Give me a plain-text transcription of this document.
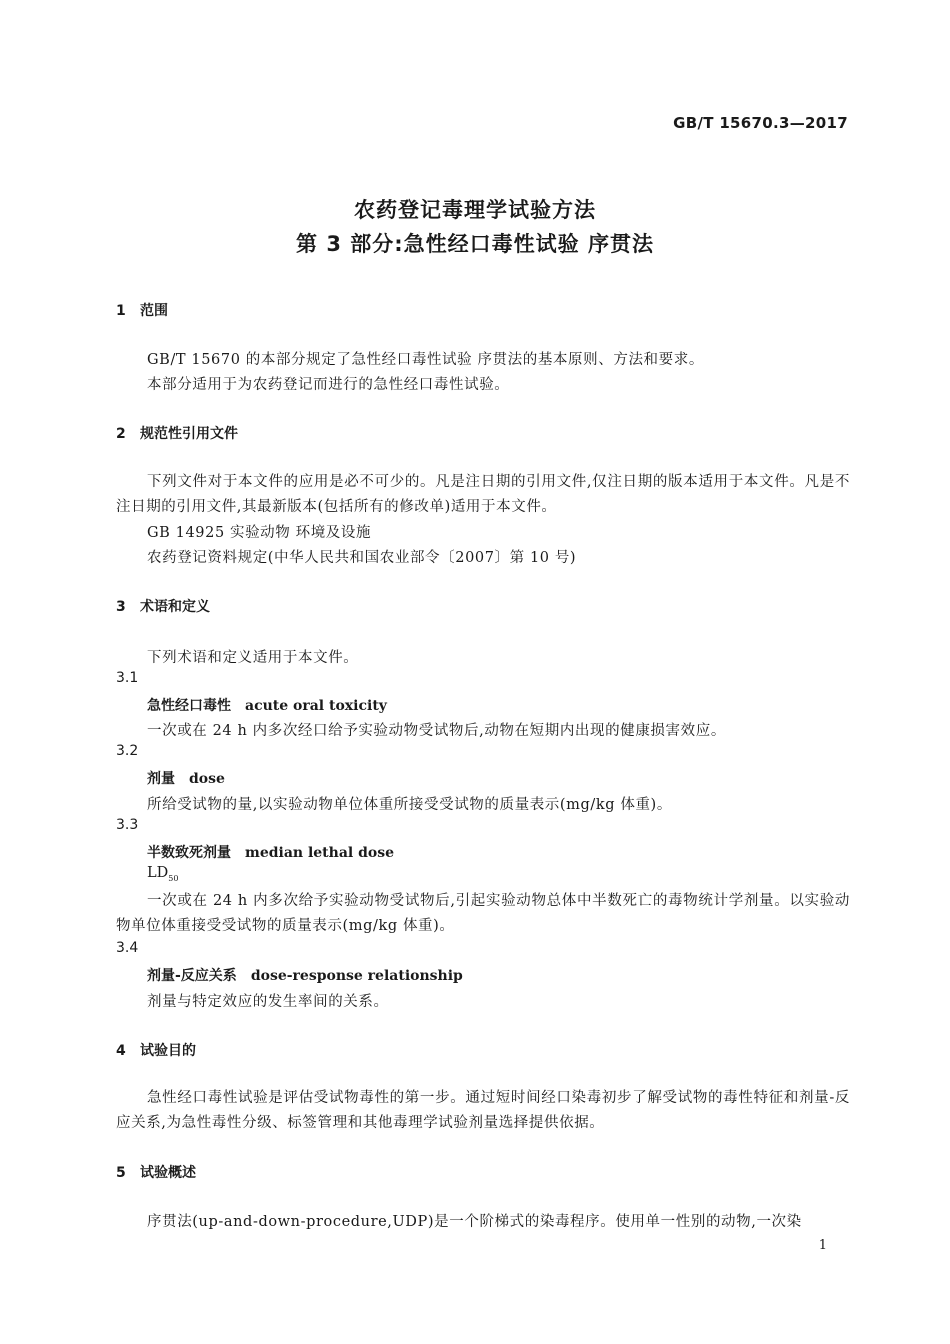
GB/T 15670.3—2017
农药登记毒理学试验方法
第 3 部分:急性经口毒性试验 序贯法
1 范围
GB/T 15670 的本部分规定了急性经口毒性试验 序贯法的基本原则、方法和要求。
本部分适用于为农药登记而进行的急性经口毒性试验。
2 规范性引用文件
下列文件对于本文件的应用是必不可少的。凡是注日期的引用文件,仅注日期的版本适用于本文件。凡是不注日期的引用文件,其最新版本(包括所有的修改单)适用于本文件。
GB 14925 实验动物 环境及设施
农药登记资料规定(中华人民共和国农业部令〔2007〕第 10 号)
3 术语和定义
下列术语和定义适用于本文件。
3.1
急性经口毒性 acute oral toxicity
一次或在 24 h 内多次经口给予实验动物受试物后,动物在短期内出现的健康损害效应。
3.2
剂量 dose
所给受试物的量,以实验动物单位体重所接受受试物的质量表示(mg/kg 体重)。
3.3
半数致死剂量 median lethal dose
$LD_{50}$
一次或在 24 h 内多次给予实验动物受试物后,引起实验动物总体中半数死亡的毒物统计学剂量。以实验动物单位体重接受受试物的质量表示(mg/kg 体重)。
3.4
剂量-反应关系 dose-response relationship
剂量与特定效应的发生率间的关系。
4 试验目的
急性经口毒性试验是评估受试物毒性的第一步。通过短时间经口染毒初步了解受试物的毒性特征和剂量-反应关系,为急性毒性分级、标签管理和其他毒理学试验剂量选择提供依据。
5 试验概述
序贯法(up-and-down-procedure,UDP)是一个阶梯式的染毒程序。使用单一性别的动物,一次染
1
